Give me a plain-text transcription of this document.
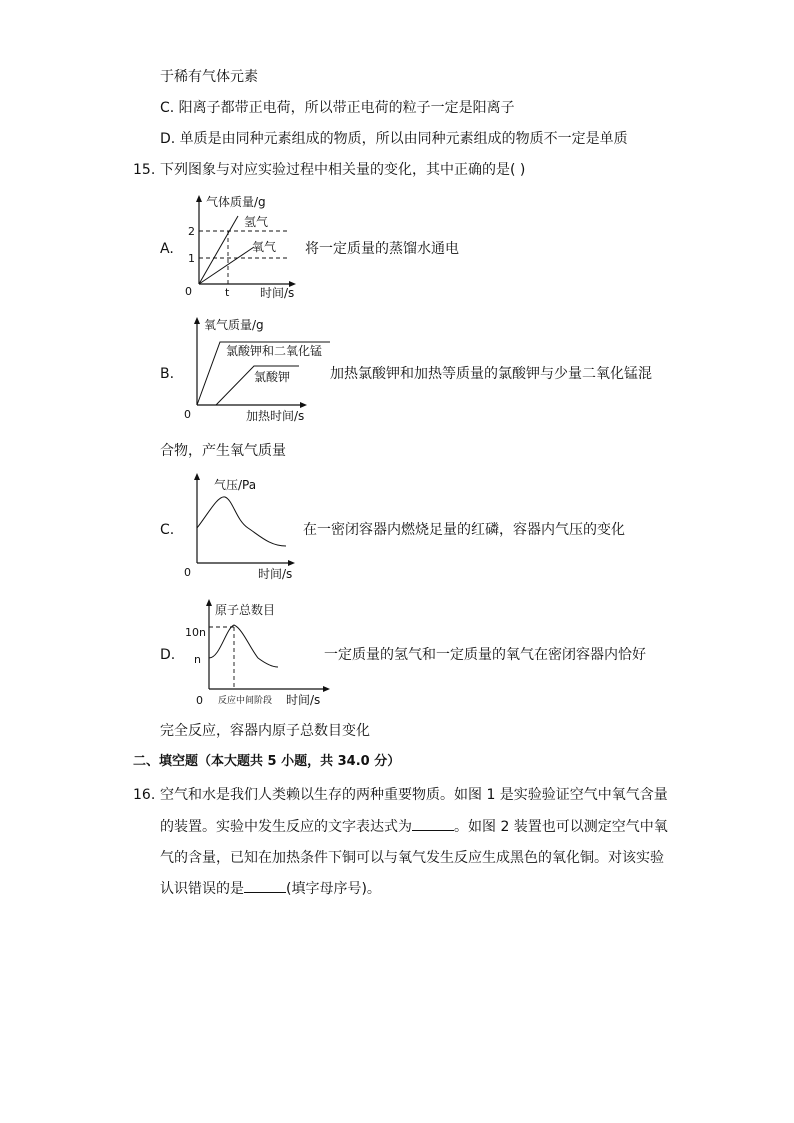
于稀有气体元素
C. 阳离子都带正电荷，所以带正电荷的粒子一定是阳离子
D. 单质是由同种元素组成的物质，所以由同种元素组成的物质不一定是单质
15. 下列图象与对应实验过程中相关量的变化，其中正确的是( )
A.
气体质量/g
时间/s
0
2
1
t
氢气
氧气 将一定质量的蒸馏水通电
B.
氧气质量/g
加热时间/s
0
氯酸钾和二氧化锰
氯酸钾	加热氯酸钾和加热等质量的氯酸钾与少量二氧化锰混
合物，产生氧气质量
C.
气压/Pa
时间/s
0
在一密闭容器内燃烧足量的红磷，容器内气压的变化
D.
原子总数目
时间/s
0
10n
n
反应中间阶段
一定质量的氢气和一定质量的氧气在密闭容器内恰好
完全反应，容器内原子总数目变化
二、填空题（本大题共 5 小题，共 34.0 分）
16. 空气和水是我们人类赖以生存的两种重要物质。如图 1 是实验验证空气中氧气含量
的装置。实验中发生反应的文字表达式为	。如图 2 装置也可以测定空气中氧
气的含量，已知在加热条件下铜可以与氧气发生反应生成黑色的氧化铜。对该实验
认识错误的是	(填字母序号)。
